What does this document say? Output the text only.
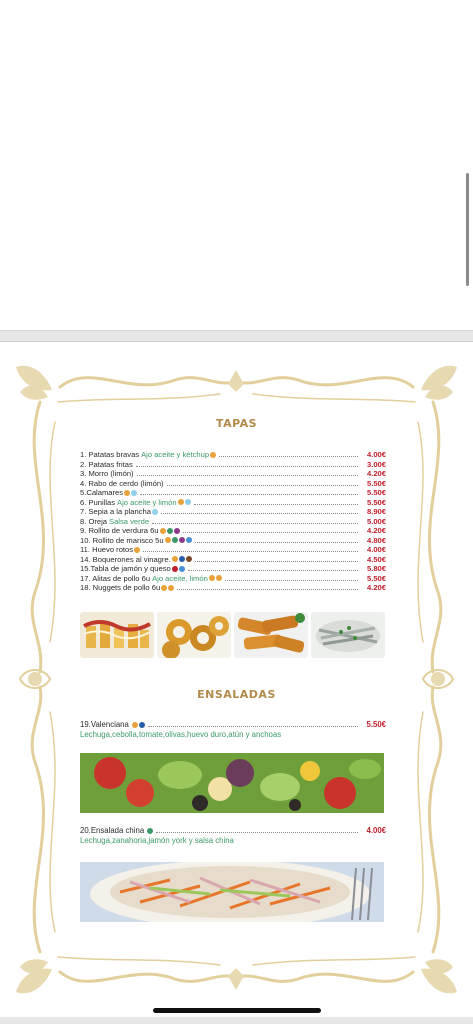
TAPAS
1. Patatas bravas Ajo aceite y kétchup	4.00€
2. Patatas fritas	3.00€
3. Morro (limón)	4.20€
4. Rabo de cerdo (limón)	5.50€
5.Calamares	5.50€
6. Punillas Ajo aceite y limón	5.50€
7. Sepia a la plancha	8.90€
8. Oreja Salsa verde	5.00€
9. Rollito de verdura 6u	4.20€
10. Rollito de marisco 5u	4.80€
11. Huevo rotos	4.00€
14. Boquerones al vinagre.	4.50€
15.Tabla de jamón y queso	5.80€
17. Alitas de pollo 6u Ajo aceite, limón	5.50€
18. Nuggets de pollo 6u	4.20€
ENSALADAS
19.Valenciana	5.50€
Lechuga,cebolla,tomate,olivas,huevo duro,atún y anchoas
20.Ensalada china	4.00€
Lechuga,zanahoria,jamón york y salsa china
